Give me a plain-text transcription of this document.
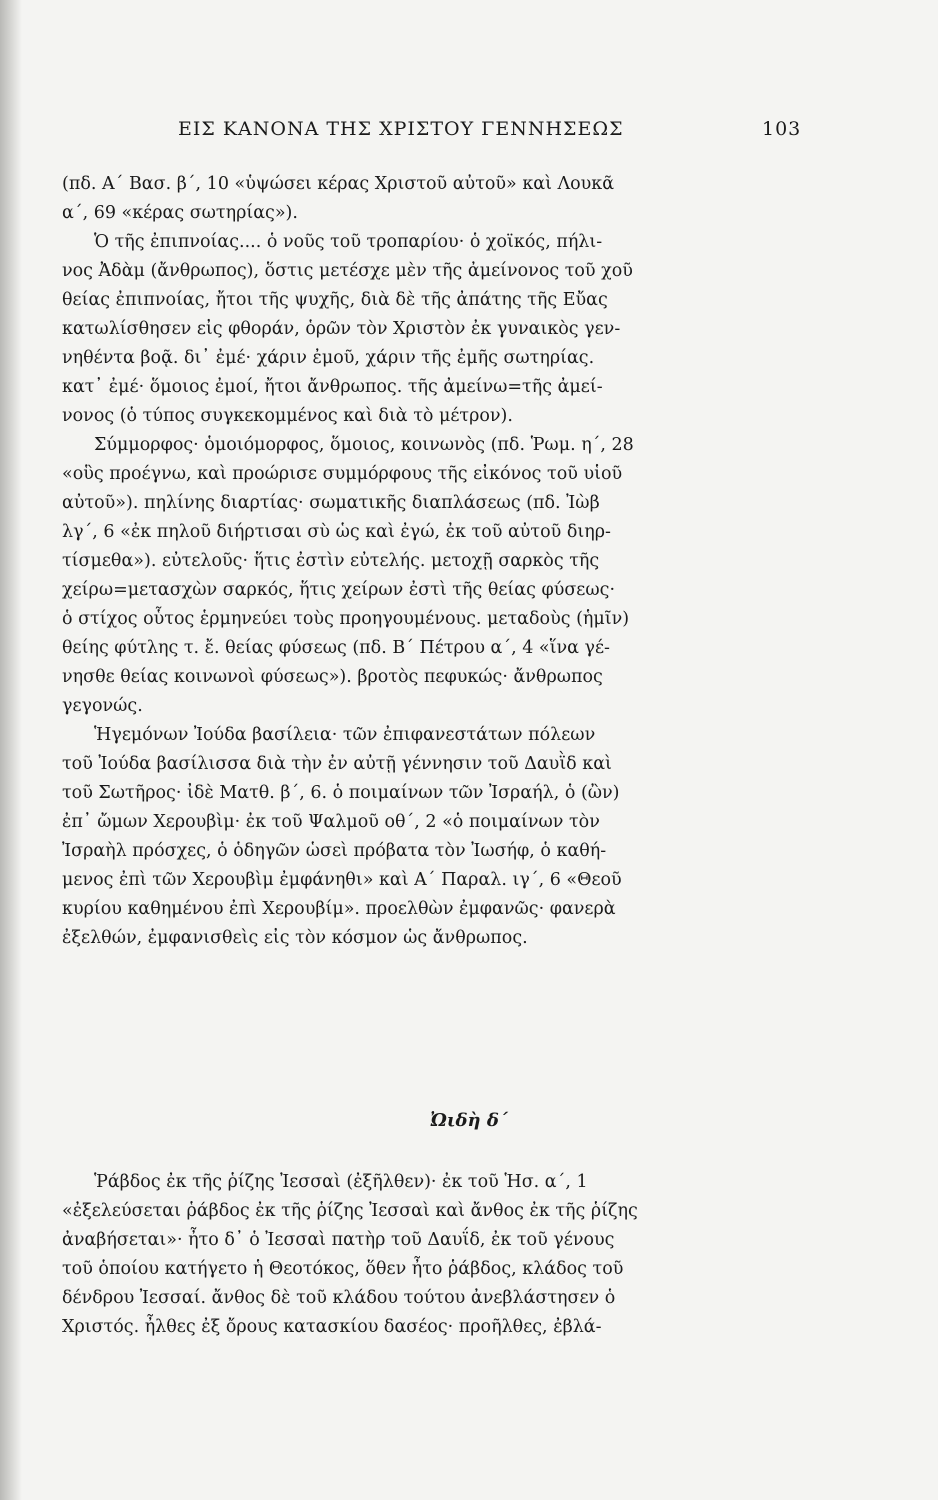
ΕΙΣ ΚΑΝΟΝΑ ΤΗΣ ΧΡΙΣΤΟΥ ΓΕΝΝΗΣΕΩΣ	103
(πδ. Α΄ Βασ. β΄, 10 «ὑψώσει κέρας Χριστοῦ αὐτοῦ» καὶ Λουκᾶ
α΄, 69 «κέρας σωτηρίας»).
Ὁ τῆς ἐπιπνοίας.... ὁ νοῦς τοῦ τροπαρίου· ὁ χοϊκός, πήλι-
νος Ἀδὰμ (ἄνθρωπος), ὅστις μετέσχε μὲν τῆς ἀμείνονος τοῦ χοῦ
θείας ἐπιπνοίας, ἤτοι τῆς ψυχῆς, διὰ δὲ τῆς ἀπάτης τῆς Εὔας
κατωλίσθησεν εἰς φθοράν, ὁρῶν τὸν Χριστὸν ἐκ γυναικὸς γεν-
νηθέντα βοᾷ. δι᾽ ἐμέ· χάριν ἐμοῦ, χάριν τῆς ἐμῆς σωτηρίας.
κατ᾽ ἐμέ· ὅμοιος ἐμοί, ἤτοι ἄνθρωπος. τῆς ἀμείνω=τῆς ἀμεί-
νονος (ὁ τύπος συγκεκομμένος καὶ διὰ τὸ μέτρον).
Σύμμορφος· ὁμοιόμορφος, ὅμοιος, κοινωνὸς (πδ. Ῥωμ. η΄, 28
«οὓς προέγνω, καὶ προώρισε συμμόρφους τῆς εἰκόνος τοῦ υἱοῦ
αὐτοῦ»). πηλίνης διαρτίας· σωματικῆς διαπλάσεως (πδ. Ἰὼβ
λγ΄, 6 «ἐκ πηλοῦ διήρτισαι σὺ ὡς καὶ ἐγώ, ἐκ τοῦ αὐτοῦ διηρ-
τίσμεθα»). εὐτελοῦς· ἥτις ἐστὶν εὐτελής. μετοχῇ σαρκὸς τῆς
χείρω=μετασχὼν σαρκός, ἥτις χείρων ἐστὶ τῆς θείας φύσεως·
ὁ στίχος οὗτος ἑρμηνεύει τοὺς προηγουμένους. μεταδοὺς (ἡμῖν)
θείης φύτλης τ. ἔ. θείας φύσεως (πδ. Β΄ Πέτρου α΄, 4 «ἵνα γέ-
νησθε θείας κοινωνοὶ φύσεως»). βροτὸς πεφυκώς· ἄνθρωπος
γεγονώς.
Ἡγεμόνων Ἰούδα βασίλεια· τῶν ἐπιφανεστάτων πόλεων
τοῦ Ἰούδα βασίλισσα διὰ τὴν ἐν αὐτῇ γέννησιν τοῦ Δαυῒδ καὶ
τοῦ Σωτῆρος· ἰδὲ Ματθ. β΄, 6. ὁ ποιμαίνων τῶν Ἰσραήλ, ὁ (ὢν)
ἐπ᾽ ὤμων Χερουβὶμ· ἐκ τοῦ Ψαλμοῦ οθ΄, 2 «ὁ ποιμαίνων τὸν
Ἰσραὴλ πρόσχες, ὁ ὁδηγῶν ὡσεὶ πρόβατα τὸν Ἰωσήφ, ὁ καθή-
μενος ἐπὶ τῶν Χερουβὶμ ἐμφάνηθι» καὶ Α΄ Παραλ. ιγ΄, 6 «Θεοῦ
κυρίου καθημένου ἐπὶ Χερουβίμ». προελθὼν ἐμφανῶς· φανερὰ
ἐξελθών, ἐμφανισθεὶς εἰς τὸν κόσμον ὡς ἄνθρωπος.
Ὠιδὴ δ΄
Ῥάβδος ἐκ τῆς ῥίζης Ἰεσσαὶ (ἐξῆλθεν)· ἐκ τοῦ Ἡσ. α΄, 1
«ἐξελεύσεται ῥάβδος ἐκ τῆς ῥίζης Ἰεσσαὶ καὶ ἄνθος ἐκ τῆς ῥίζης
ἀναβήσεται»· ἦτο δ᾽ ὁ Ἰεσσαὶ πατὴρ τοῦ Δαυΐδ, ἐκ τοῦ γένους
τοῦ ὁποίου κατήγετο ἡ Θεοτόκος, ὅθεν ἦτο ῥάβδος, κλάδος τοῦ
δένδρου Ἰεσσαί. ἄνθος δὲ τοῦ κλάδου τούτου ἀνεβλάστησεν ὁ
Χριστός. ἦλθες ἐξ ὄρους κατασκίου δασέος· προῆλθες, ἐβλά-
